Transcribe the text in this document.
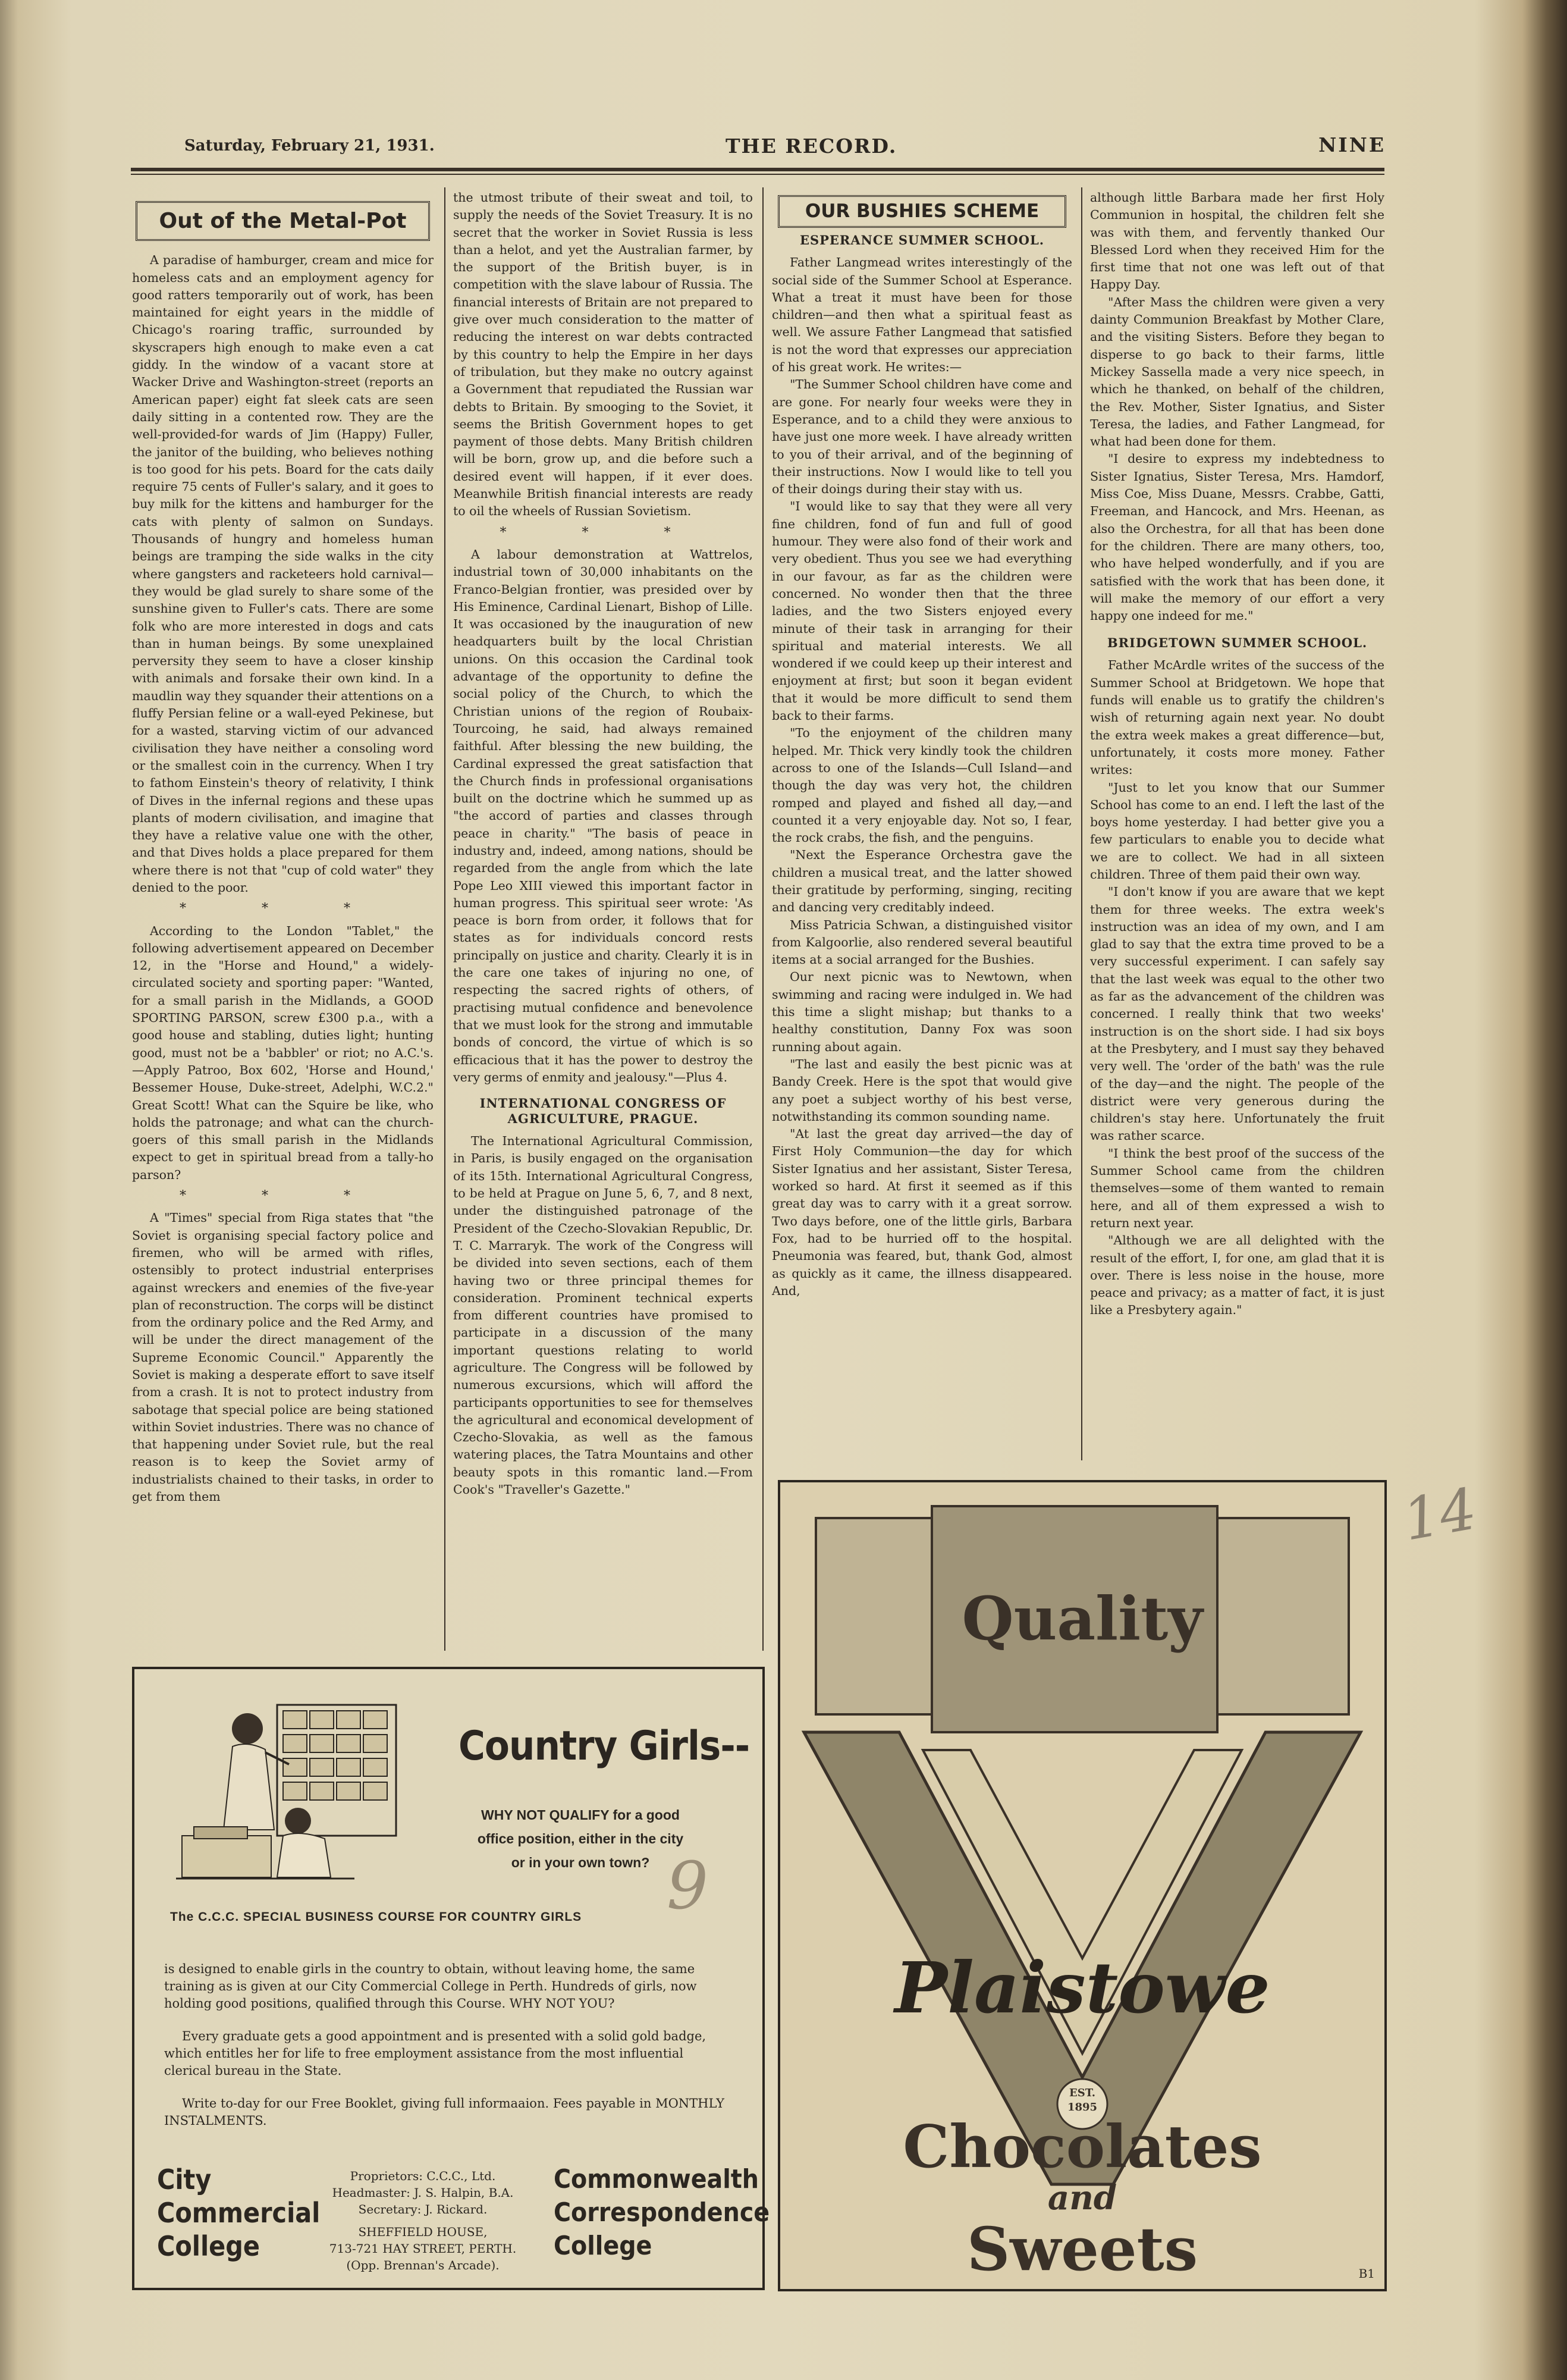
Saturday, February 21, 1931.	THE RECORD.	NINE
Out of the Metal-Pot

A paradise of hamburger, cream and mice for homeless cats and an employment agency for good ratters temporarily out of work, has been maintained for eight years in the middle of Chicago's roaring traffic, surrounded by skyscrapers high enough to make even a cat giddy. In the window of a vacant store at Wacker Drive and Washington-street (reports an American paper) eight fat sleek cats are seen daily sitting in a contented row. They are the well-provided-for wards of Jim (Happy) Fuller, the janitor of the building, who believes nothing is too good for his pets. Board for the cats daily require 75 cents of Fuller's salary, and it goes to buy milk for the kittens and hamburger for the cats with plenty of salmon on Sundays. Thousands of hungry and homeless human beings are tramping the side walks in the city where gangsters and racketeers hold carnival—they would be glad surely to share some of the sunshine given to Fuller's cats. There are some folk who are more interested in dogs and cats than in human beings. By some unexplained perversity they seem to have a closer kinship with animals and forsake their own kind. In a maudlin way they squander their attentions on a fluffy Persian feline or a wall-eyed Pekinese, but for a wasted, starving victim of our advanced civilisation they have neither a consoling word or the smallest coin in the currency. When I try to fathom Einstein's theory of relativity, I think of Dives in the infernal regions and these upas plants of modern civilisation, and imagine that they have a relative value one with the other, and that Dives holds a place prepared for them where there is not that "cup of cold water" they denied to the poor.

* * *

According to the London "Tablet," the following advertisement appeared on December 12, in the "Horse and Hound," a widely-circulated society and sporting paper: "Wanted, for a small parish in the Midlands, a GOOD SPORTING PARSON, screw £300 p.a., with a good house and stabling, duties light; hunting good, must not be a 'babbler' or riot; no A.C.'s.—Apply Patroo, Box 602, 'Horse and Hound,' Bessemer House, Duke-street, Adelphi, W.C.2." Great Scott! What can the Squire be like, who holds the patronage; and what can the church-goers of this small parish in the Midlands expect to get in spiritual bread from a tally-ho parson?

* * *

A "Times" special from Riga states that "the Soviet is organising special factory police and firemen, who will be armed with rifles, ostensibly to protect industrial enterprises against wreckers and enemies of the five-year plan of reconstruction. The corps will be distinct from the ordinary police and the Red Army, and will be under the direct management of the Supreme Economic Council." Apparently the Soviet is making a desperate effort to save itself from a crash. It is not to protect industry from sabotage that special police are being stationed within Soviet industries. There was no chance of that happening under Soviet rule, but the real reason is to keep the Soviet army of industrialists chained to their tasks, in order to get from them

the utmost tribute of their sweat and toil, to supply the needs of the Soviet Treasury. It is no secret that the worker in Soviet Russia is less than a helot, and yet the Australian farmer, by the support of the British buyer, is in competition with the slave labour of Russia. The financial interests of Britain are not prepared to give over much consideration to the matter of reducing the interest on war debts contracted by this country to help the Empire in her days of tribulation, but they make no outcry against a Government that repudiated the Russian war debts to Britain. By smooging to the Soviet, it seems the British Government hopes to get payment of those debts. Many British children will be born, grow up, and die before such a desired event will happen, if it ever does. Meanwhile British financial interests are ready to oil the wheels of Russian Sovietism.

* * *

A labour demonstration at Wattrelos, industrial town of 30,000 inhabitants on the Franco-Belgian frontier, was presided over by His Eminence, Cardinal Lienart, Bishop of Lille. It was occasioned by the inauguration of new headquarters built by the local Christian unions. On this occasion the Cardinal took advantage of the opportunity to define the social policy of the Church, to which the Christian unions of the region of Roubaix-Tourcoing, he said, had always remained faithful. After blessing the new building, the Cardinal expressed the great satisfaction that the Church finds in professional organisations built on the doctrine which he summed up as "the accord of parties and classes through peace in charity." "The basis of peace in industry and, indeed, among nations, should be regarded from the angle from which the late Pope Leo XIII viewed this important factor in human progress. This spiritual seer wrote: 'As peace is born from order, it follows that for states as for individuals concord rests principally on justice and charity. Clearly it is in the care one takes of injuring no one, of respecting the sacred rights of others, of practising mutual confidence and benevolence that we must look for the strong and immutable bonds of concord, the virtue of which is so efficacious that it has the power to destroy the very germs of enmity and jealousy."—Plus 4.

INTERNATIONAL CONGRESS OF AGRICULTURE, PRAGUE.

The International Agricultural Commission, in Paris, is busily engaged on the organisation of its 15th. International Agricultural Congress, to be held at Prague on June 5, 6, 7, and 8 next, under the distinguished patronage of the President of the Czecho-Slovakian Republic, Dr. T. C. Marraryk. The work of the Congress will be divided into seven sections, each of them having two or three principal themes for consideration. Prominent technical experts from different countries have promised to participate in a discussion of the many important questions relating to world agriculture. The Congress will be followed by numerous excursions, which will afford the participants opportunities to see for themselves the agricultural and economical development of Czecho-Slovakia, as well as the famous watering places, the Tatra Mountains and other beauty spots in this romantic land.—From Cook's "Traveller's Gazette."

OUR BUSHIES SCHEME
ESPERANCE SUMMER SCHOOL.

Father Langmead writes interestingly of the social side of the Summer School at Esperance. What a treat it must have been for those children—and then what a spiritual feast as well. We assure Father Langmead that satisfied is not the word that expresses our appreciation of his great work. He writes:—

"The Summer School children have come and are gone. For nearly four weeks were they in Esperance, and to a child they were anxious to have just one more week. I have already written to you of their arrival, and of the beginning of their instructions. Now I would like to tell you of their doings during their stay with us.

"I would like to say that they were all very fine children, fond of fun and full of good humour. They were also fond of their work and very obedient. Thus you see we had everything in our favour, as far as the children were concerned. No wonder then that the three ladies, and the two Sisters enjoyed every minute of their task in arranging for their spiritual and material interests. We all wondered if we could keep up their interest and enjoyment at first; but soon it began evident that it would be more difficult to send them back to their farms.

"To the enjoyment of the children many helped. Mr. Thick very kindly took the children across to one of the Islands—Cull Island—and though the day was very hot, the children romped and played and fished all day,—and counted it a very enjoyable day. Not so, I fear, the rock crabs, the fish, and the penguins.

"Next the Esperance Orchestra gave the children a musical treat, and the latter showed their gratitude by performing, singing, reciting and dancing very creditably indeed.

Miss Patricia Schwan, a distinguished visitor from Kalgoorlie, also rendered several beautiful items at a social arranged for the Bushies.

Our next picnic was to Newtown, when swimming and racing were indulged in. We had this time a slight mishap; but thanks to a healthy constitution, Danny Fox was soon running about again.

"The last and easily the best picnic was at Bandy Creek. Here is the spot that would give any poet a subject worthy of his best verse, notwithstanding its common sounding name.

"At last the great day arrived—the day of First Holy Communion—the day for which Sister Ignatius and her assistant, Sister Teresa, worked so hard. At first it seemed as if this great day was to carry with it a great sorrow. Two days before, one of the little girls, Barbara Fox, had to be hurried off to the hospital. Pneumonia was feared, but, thank God, almost as quickly as it came, the illness disappeared. And,

although little Barbara made her first Holy Communion in hospital, the children felt she was with them, and fervently thanked Our Blessed Lord when they received Him for the first time that not one was left out of that Happy Day.

"After Mass the children were given a very dainty Communion Breakfast by Mother Clare, and the visiting Sisters. Before they began to disperse to go back to their farms, little Mickey Sassella made a very nice speech, in which he thanked, on behalf of the children, the Rev. Mother, Sister Ignatius, and Sister Teresa, the ladies, and Father Langmead, for what had been done for them.

"I desire to express my indebtedness to Sister Ignatius, Sister Teresa, Mrs. Hamdorf, Miss Coe, Miss Duane, Messrs. Crabbe, Gatti, Freeman, and Hancock, and Mrs. Heenan, as also the Orchestra, for all that has been done for the children. There are many others, too, who have helped wonderfully, and if you are satisfied with the work that has been done, it will make the memory of our effort a very happy one indeed for me."

BRIDGETOWN SUMMER SCHOOL.

Father McArdle writes of the success of the Summer School at Bridgetown. We hope that funds will enable us to gratify the children's wish of returning again next year. No doubt the extra week makes a great difference—but, unfortunately, it costs more money. Father writes:

"Just to let you know that our Summer School has come to an end. I left the last of the boys home yesterday. I had better give you a few particulars to enable you to decide what we are to collect. We had in all sixteen children. Three of them paid their own way.

"I don't know if you are aware that we kept them for three weeks. The extra week's instruction was an idea of my own, and I am glad to say that the extra time proved to be a very successful experiment. I can safely say that the last week was equal to the other two as far as the advancement of the children was concerned. I really think that two weeks' instruction is on the short side. I had six boys at the Presbytery, and I must say they behaved very well. The 'order of the bath' was the rule of the day—and the night. The people of the district were very generous during the children's stay here. Unfortunately the fruit was rather scarce.

"I think the best proof of the success of the Summer School came from the children themselves—some of them wanted to remain here, and all of them expressed a wish to return next year.

"Although we are all delighted with the result of the effort, I, for one, am glad that it is over. There is less noise in the house, more peace and privacy; as a matter of fact, it is just like a Presbytery again."

Country Girls--
WHY NOT QUALIFY for a good
office position, either in the city
or in your own town? 9
The C.C.C. SPECIAL BUSINESS COURSE FOR COUNTRY GIRLS

is designed to enable girls in the country to obtain, without leaving home, the same training as is given at our City Commercial College in Perth. Hundreds of girls, now holding good positions, qualified through this Course. WHY NOT YOU?

Every graduate gets a good appointment and is presented with a solid gold badge, which entitles her for life to free employment assistance from the most influential clerical bureau in the State.

Write to-day for our Free Booklet, giving full informaaion. Fees payable in MONTHLY INSTALMENTS.

City
Commercial
College
Proprietors: C.C.C., Ltd.
Headmaster: J. S. Halpin, B.A.
Secretary: J. Rickard.
SHEFFIELD HOUSE,
713-721 HAY STREET, PERTH.
(Opp. Brennan's Arcade).
Commonwealth
Correspondence
College
Quality
Plaistowe
EST.
1895
Chocolates
and
Sweets	B1
14
